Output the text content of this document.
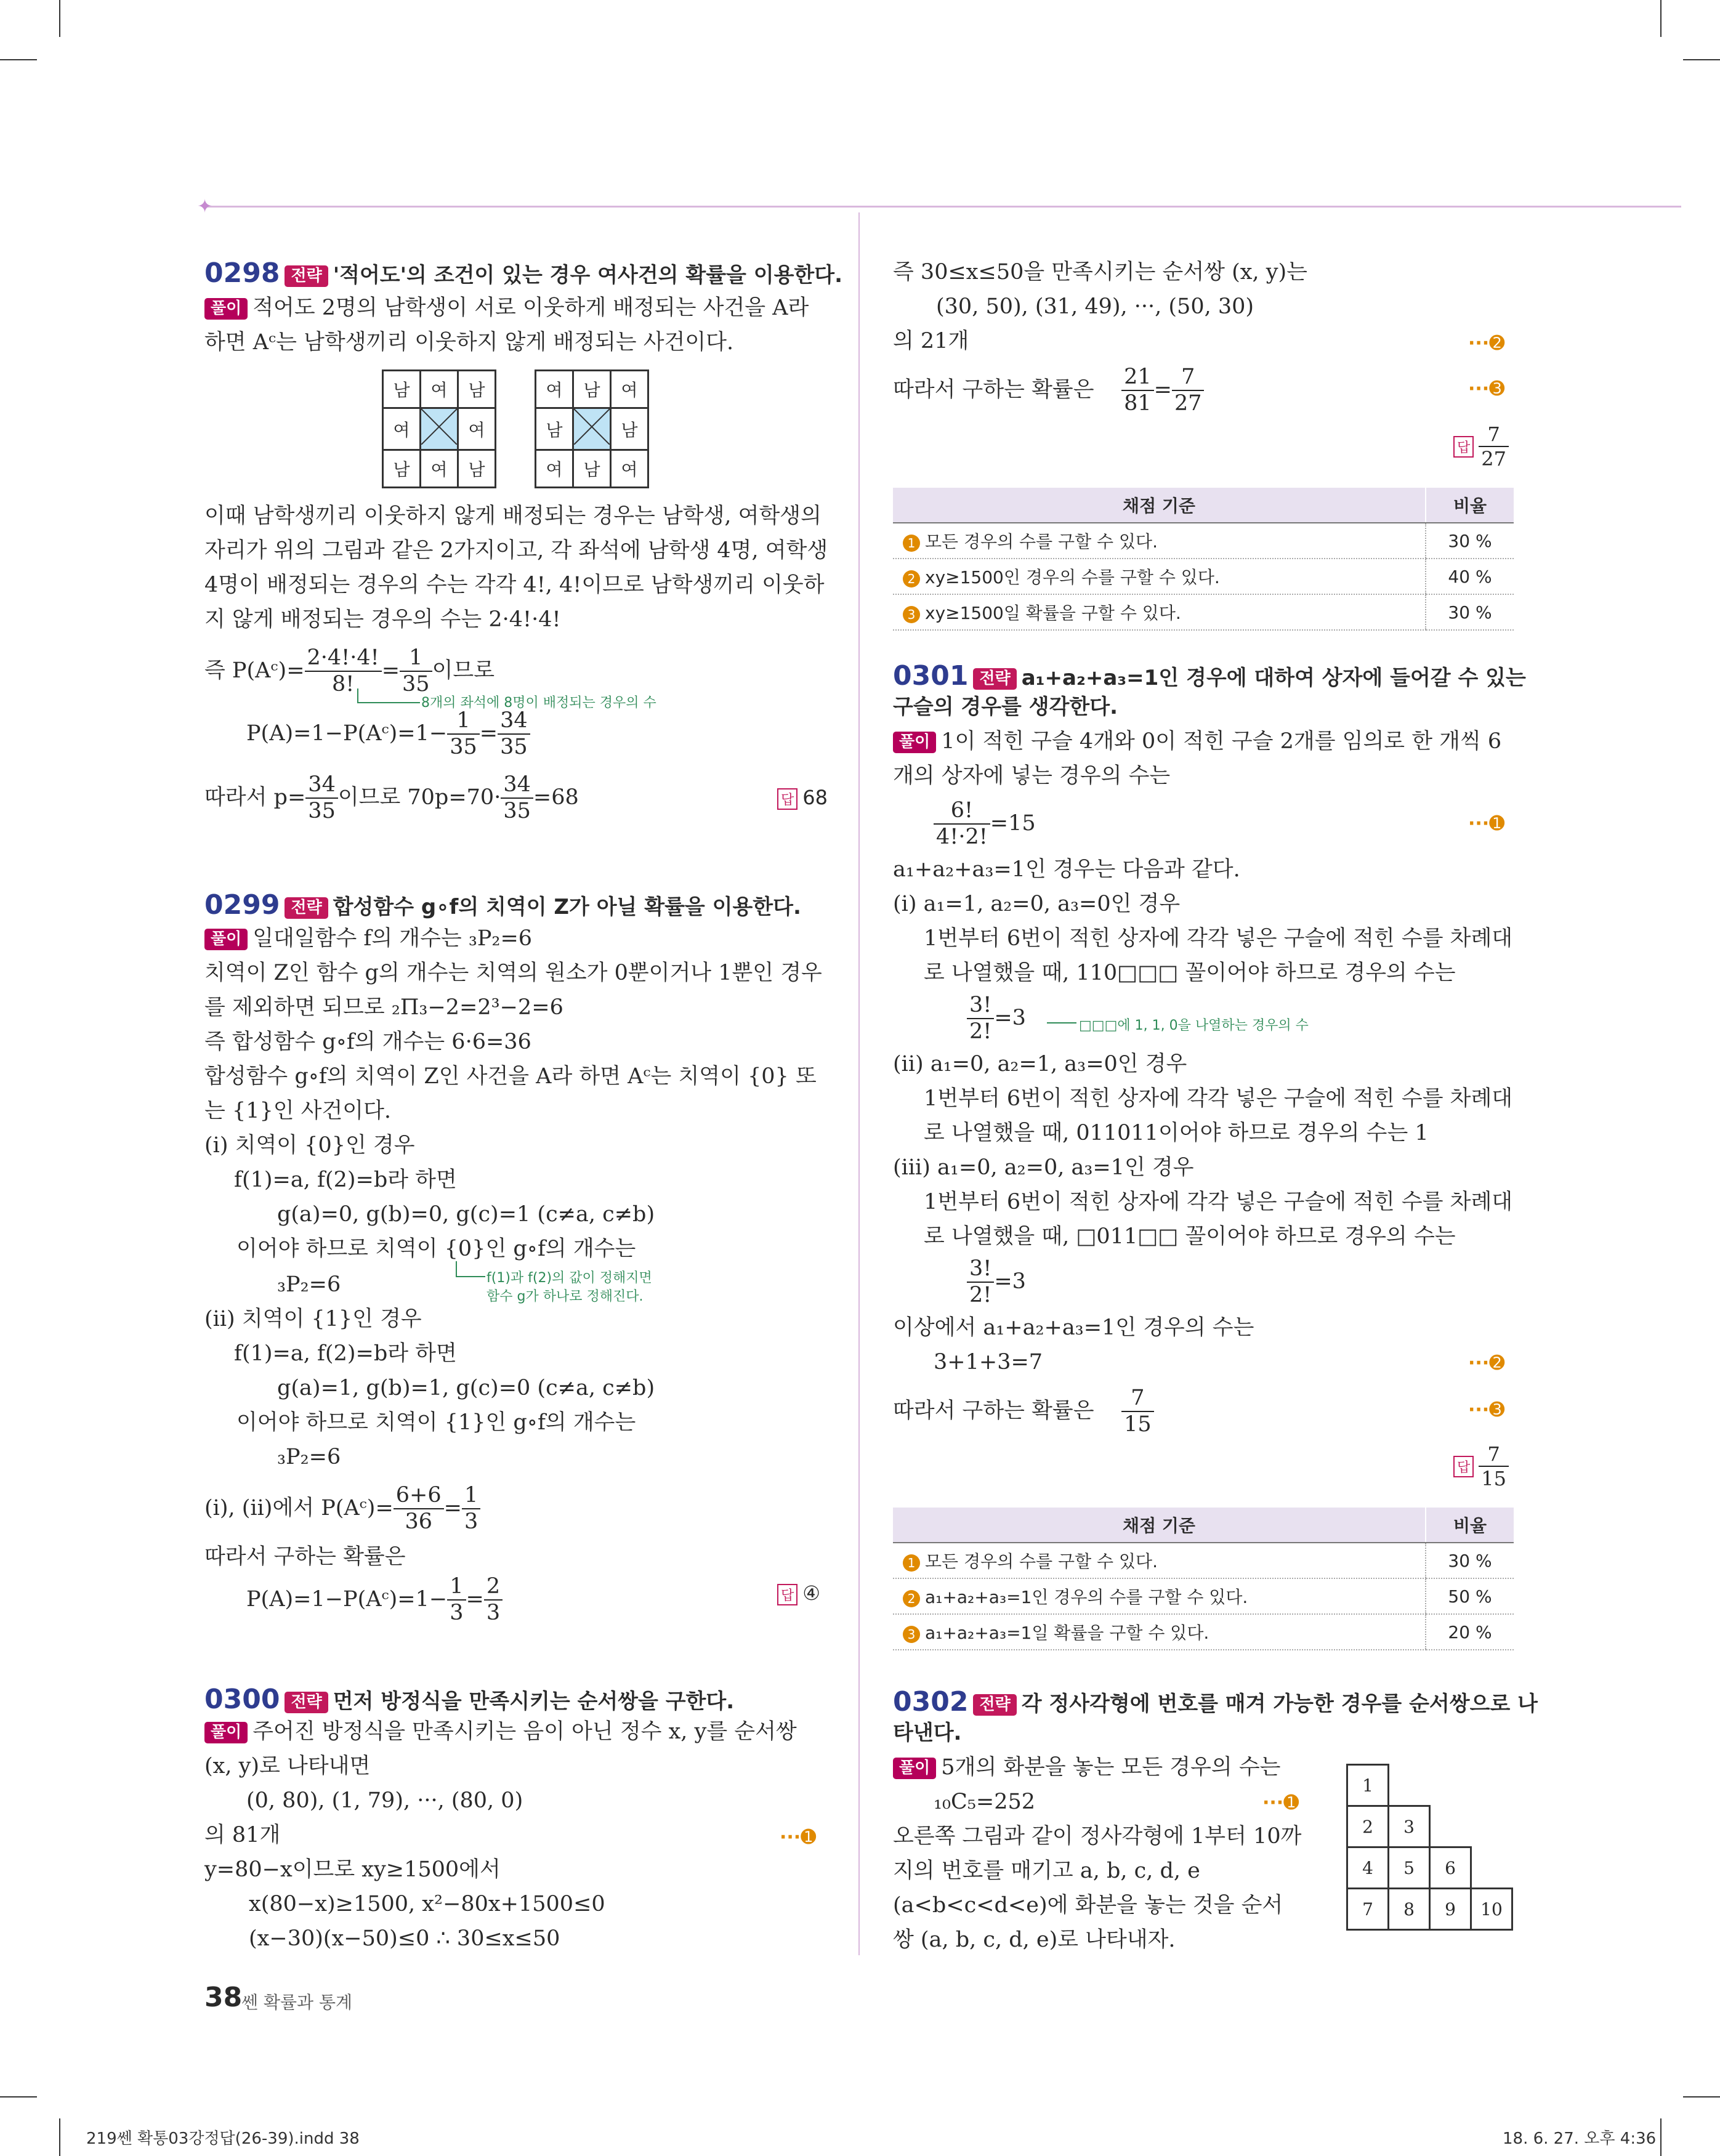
✦
0298 전략 '적어도'의 조건이 있는 경우 여사건의 확률을 이용한다.
풀이 적어도 2명의 남학생이 서로 이웃하게 배정되는 사건을 A라
하면 Aᶜ는 남학생끼리 이웃하지 않게 배정되는 사건이다.
남	여	남
여		여
남	여	남
여	남	여
남		남
여	남	여
이때 남학생끼리 이웃하지 않게 배정되는 경우는 남학생, 여학생의
자리가 위의 그림과 같은 2가지이고, 각 좌석에 남학생 4명, 여학생
4명이 배정되는 경우의 수는 각각 4!, 4!이므로 남학생끼리 이웃하
지 않게 배정되는 경우의 수는 2·4!·4!
즉 P(Aᶜ)= $\frac{2\cdot 4!\cdot 4!}{8!} = \frac{1}{35}$ 이므로
8개의 좌석에 8명이 배정되는 경우의 수
P(A)=1−P(Aᶜ)=1− $\frac{1}{35} = \frac{34}{35}$
따라서 $p= \frac{34}{35}$ 이므로 $70p=70\cdot \frac{34}{35} =68$	답 68
0299 전략 합성함수 g∘f의 치역이 Z가 아닐 확률을 이용한다.
풀이 일대일함수 f의 개수는 ₃P₂=6
치역이 Z인 함수 g의 개수는 치역의 원소가 0뿐이거나 1뿐인 경우
를 제외하면 되므로 ₂Π₃−2=2³−2=6
즉 합성함수 g∘f의 개수는 6·6=36
합성함수 g∘f의 치역이 Z인 사건을 A라 하면 Aᶜ는 치역이 {0} 또
는 {1}인 사건이다.
(ⅰ) 치역이 {0}인 경우
f(1)=a, f(2)=b라 하면
g(a)=0, g(b)=0, g(c)=1 (c≠a, c≠b)
이어야 하므로 치역이 {0}인 g∘f의 개수는
₃P₂=6	f(1)과 f(2)의 값이 정해지면
함수 g가 하나로 정해진다.
(ⅱ) 치역이 {1}인 경우
f(1)=a, f(2)=b라 하면
g(a)=1, g(b)=1, g(c)=0 (c≠a, c≠b)
이어야 하므로 치역이 {1}인 g∘f의 개수는
₃P₂=6
(ⅰ), (ⅱ)에서 P(Aᶜ)= $\frac{6+6}{36} = \frac{1}{3}$
따라서 구하는 확률은
P(A)=1−P(Aᶜ)=1− $\frac{1}{3} = \frac{2}{3}$	답 ④
0300 전략 먼저 방정식을 만족시키는 순서쌍을 구한다.
풀이 주어진 방정식을 만족시키는 음이 아닌 정수 x, y를 순서쌍
(x, y)로 나타내면
(0, 80), (1, 79), ···, (80, 0)
의 81개	···➊
y=80−x이므로 xy≥1500에서
x(80−x)≥1500, x²−80x+1500≤0
(x−30)(x−50)≤0 ∴ 30≤x≤50
38
쎈 확률과 통계
즉 30≤x≤50을 만족시키는 순서쌍 (x, y)는
(30, 50), (31, 49), ···, (50, 30)
의 21개	···➋
따라서 구하는 확률은 $\frac{21}{81} = \frac{7}{27}$	···➌
답 $\frac{7}{27}$
채점 기준	비율
1 모든 경우의 수를 구할 수 있다.	30 %
2 xy≥1500인 경우의 수를 구할 수 있다.	40 %
3 xy≥1500일 확률을 구할 수 있다.	30 %
0301 전략 a₁+a₂+a₃=1인 경우에 대하여 상자에 들어갈 수 있는
구슬의 경우를 생각한다.
풀이 1이 적힌 구슬 4개와 0이 적힌 구슬 2개를 임의로 한 개씩 6
개의 상자에 넣는 경우의 수는
$\frac{6!}{4!\cdot 2!} =15$	···➊
a₁+a₂+a₃=1인 경우는 다음과 같다.
(ⅰ) a₁=1, a₂=0, a₃=0인 경우
1번부터 6번이 적힌 상자에 각각 넣은 구슬에 적힌 수를 차례대
로 나열했을 때, 110□□□ 꼴이어야 하므로 경우의 수는
$\frac{3!}{2!} =3$	□□□에 1, 1, 0을 나열하는 경우의 수
(ⅱ) a₁=0, a₂=1, a₃=0인 경우
1번부터 6번이 적힌 상자에 각각 넣은 구슬에 적힌 수를 차례대
로 나열했을 때, 011011이어야 하므로 경우의 수는 1
(ⅲ) a₁=0, a₂=0, a₃=1인 경우
1번부터 6번이 적힌 상자에 각각 넣은 구슬에 적힌 수를 차례대
로 나열했을 때, □011□□ 꼴이어야 하므로 경우의 수는
$\frac{3!}{2!} =3$
이상에서 a₁+a₂+a₃=1인 경우의 수는
3+1+3=7	···➋
따라서 구하는 확률은 $\frac{7}{15}$	···➌
답 $\frac{7}{15}$
채점 기준	비율
1 모든 경우의 수를 구할 수 있다.	30 %
2 a₁+a₂+a₃=1인 경우의 수를 구할 수 있다.	50 %
3 a₁+a₂+a₃=1일 확률을 구할 수 있다.	20 %
0302 전략 각 정사각형에 번호를 매겨 가능한 경우를 순서쌍으로 나
타낸다.
풀이 5개의 화분을 놓는 모든 경우의 수는
₁₀C₅=252	···➊
오른쪽 그림과 같이 정사각형에 1부터 10까
지의 번호를 매기고 a, b, c, d, e
(a<b<c<d<e)에 화분을 놓는 것을 순서
쌍 (a, b, c, d, e)로 나타내자.
1			
2	3		
4	5	6	
7	8	9	10
219쎈 확통03강정답(26-39).indd 38	18. 6. 27. 오후 4:36
